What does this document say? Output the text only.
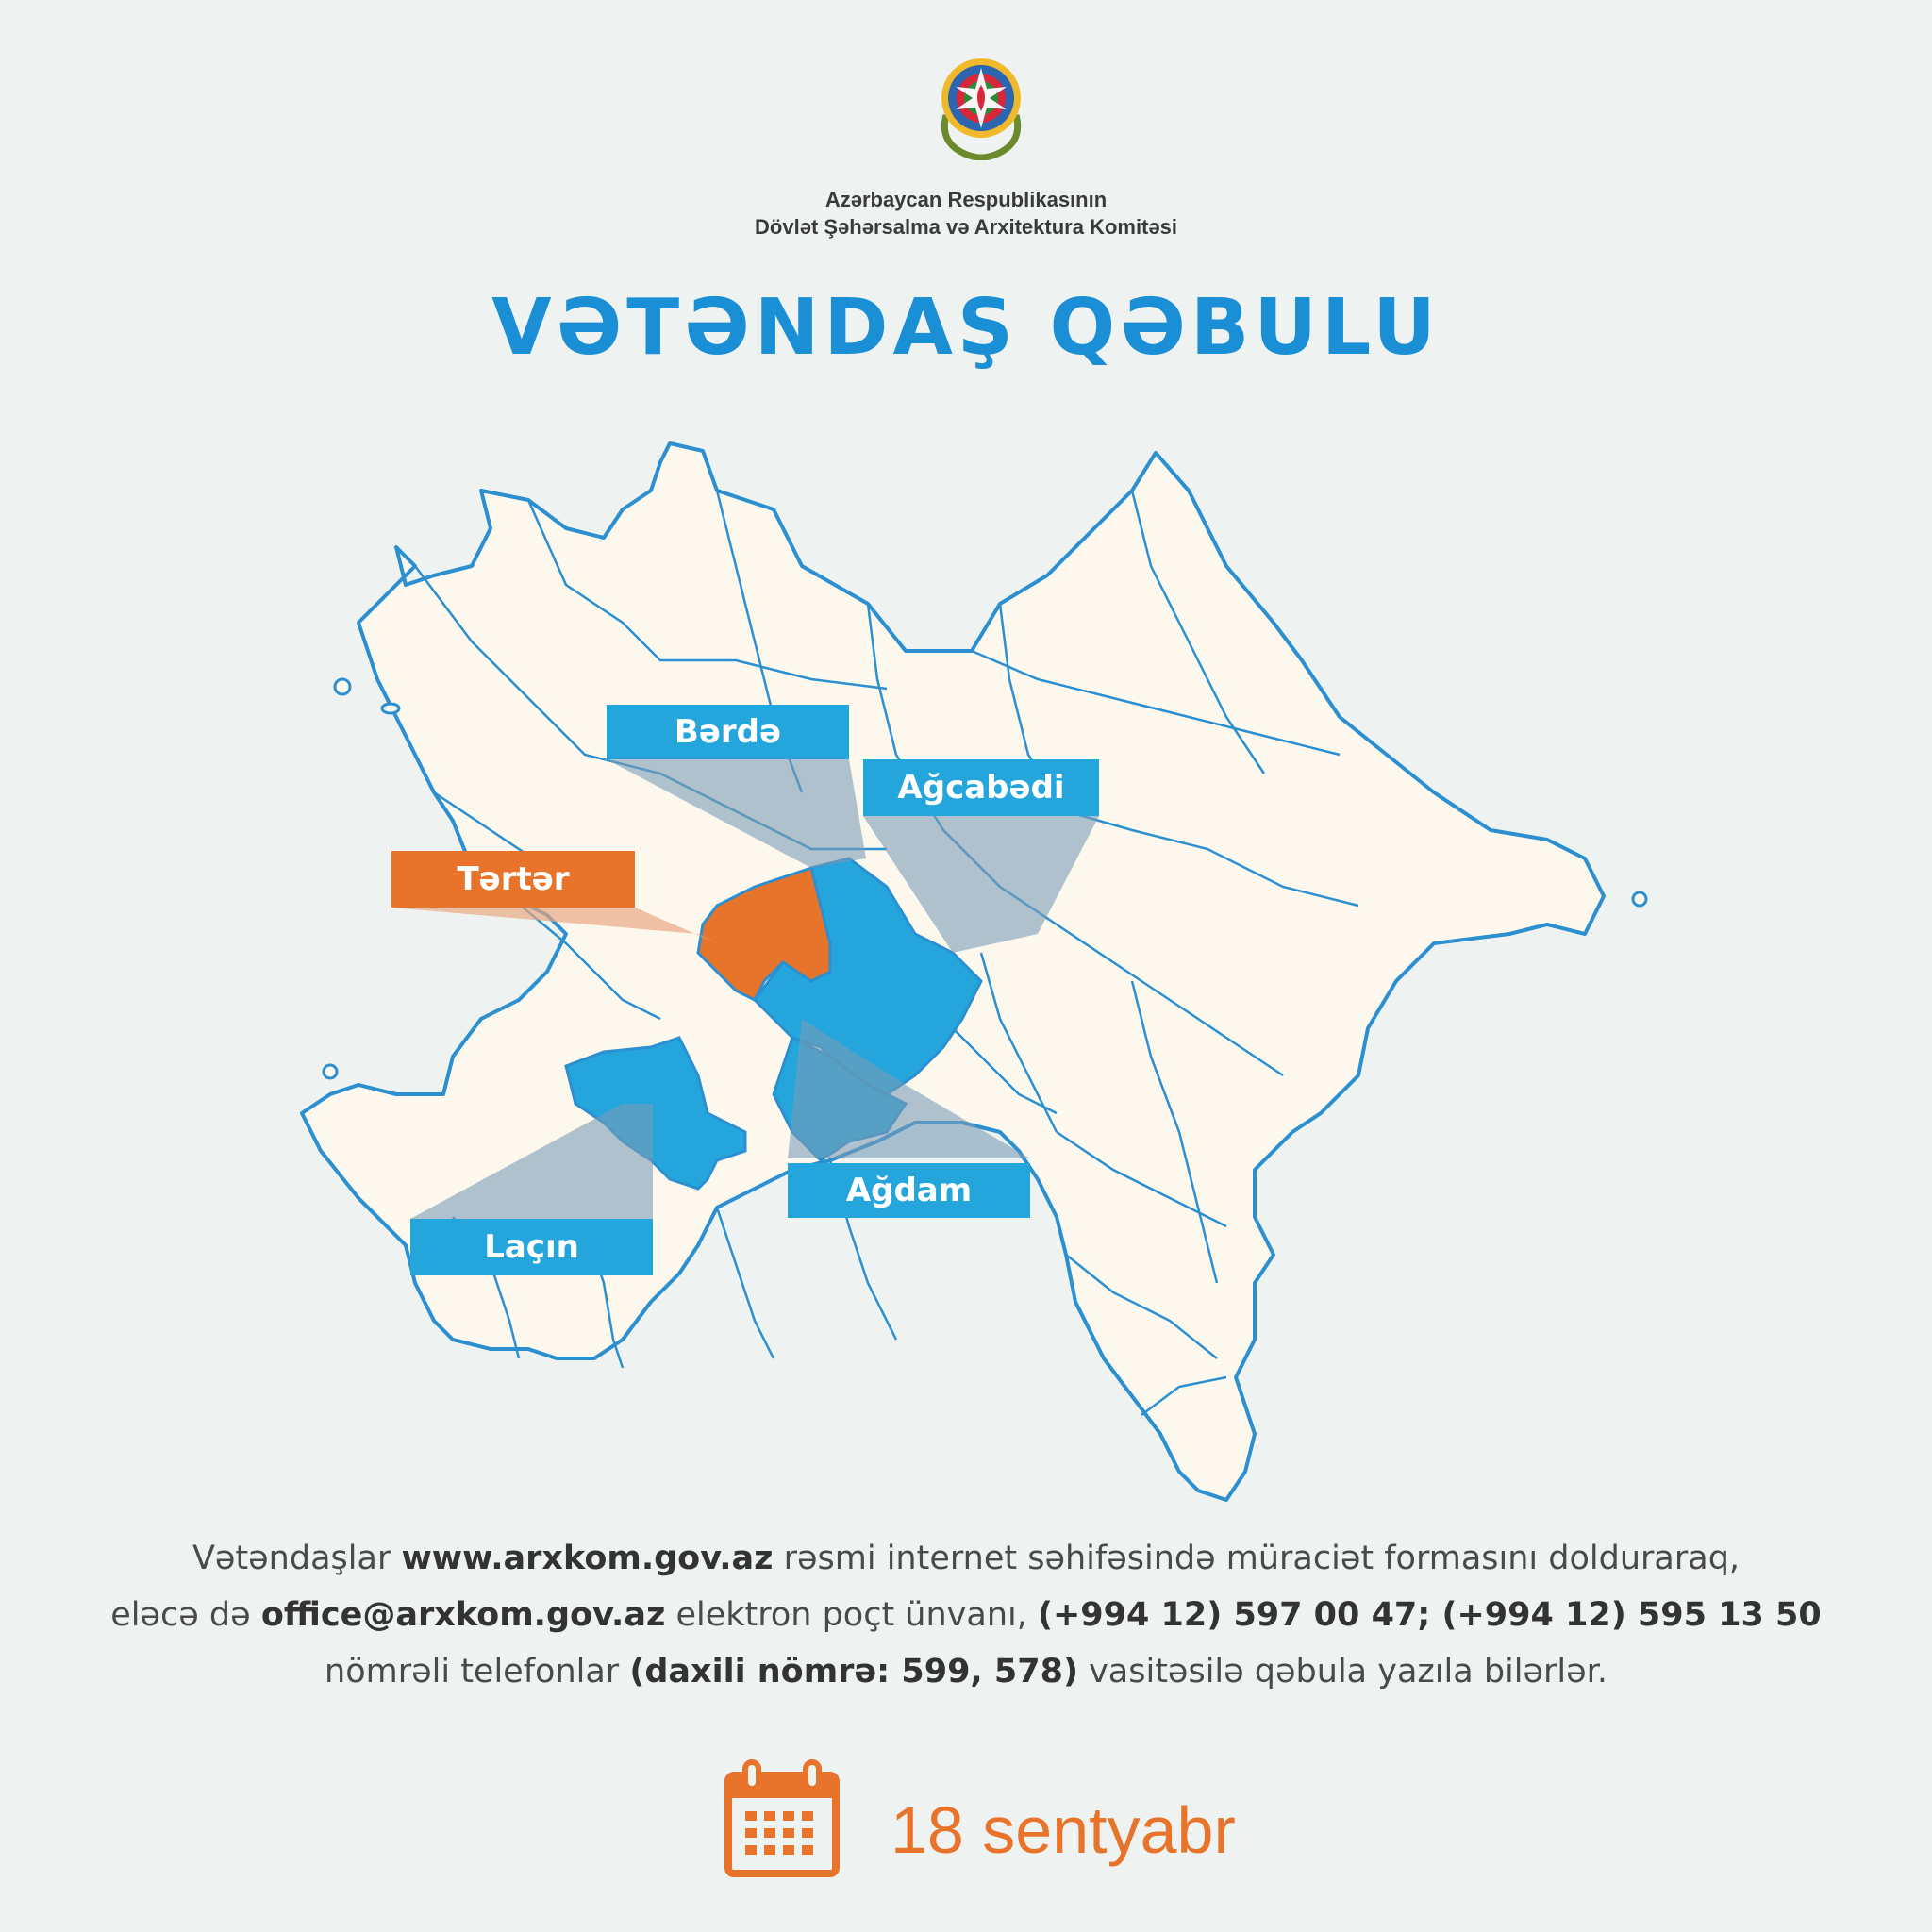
Azərbaycan Respublikasının
Dövlət Şəhərsalma və Arxitektura Komitəsi
VƏTƏNDAŞ QƏBULU
Bərdə
Ağcabədi
Tərtər
Ağdam
Laçın
Vətəndaşlar www.arxkom.gov.az rəsmi internet səhifəsində müraciət formasını dolduraraq,
eləcə də office@arxkom.gov.az elektron poçt ünvanı, (+994 12) 597 00 47; (+994 12) 595 13 50
nömrəli telefonlar (daxili nömrə: 599, 578) vasitəsilə qəbula yazıla bilərlər.
18 sentyabr
